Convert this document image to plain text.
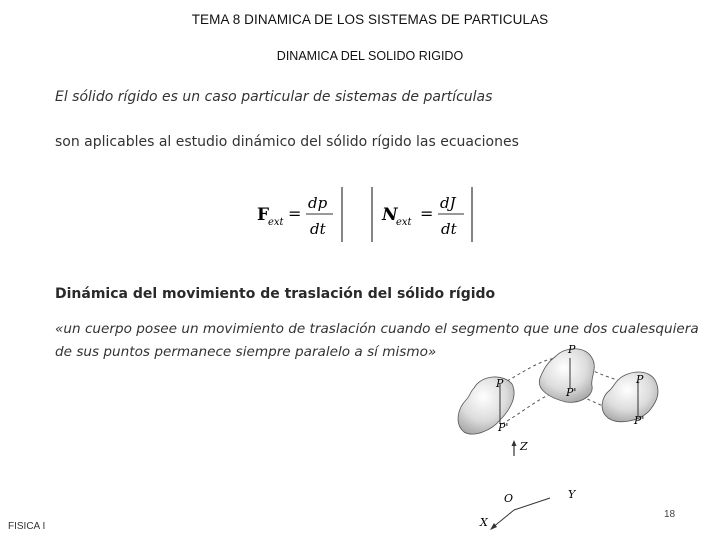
TEMA 8 DINAMICA DE LOS SISTEMAS DE PARTICULAS
DINAMICA DEL SOLIDO RIGIDO
El sólido rígido es un caso particular de sistemas de partículas
son aplicables al estudio dinámico del sólido rígido las ecuaciones
F
ext =
dp
dt
N
ext =
dJ
dt
Dinámica del movimiento de traslación del sólido rígido
«un cuerpo posee un movimiento de traslación cuando el segmento que une dos cualesquiera
de sus puntos permanece siempre paralelo a sí mismo»
P
P'
P
P'
P
P'
Z
O	Y
X
18
FISICA I
